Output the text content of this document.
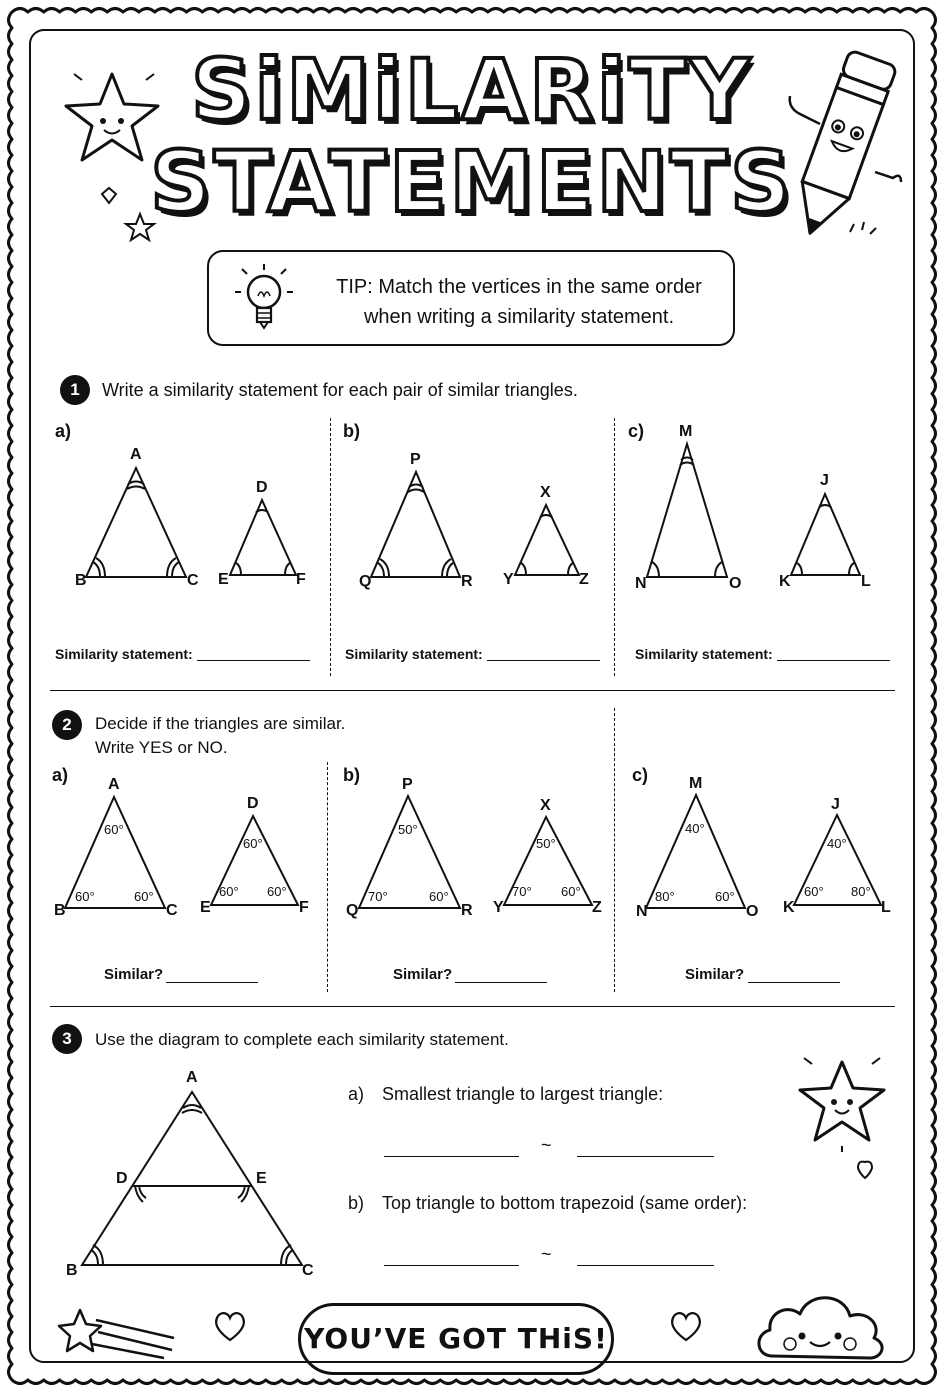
SiMiLARiTY
STATEMENTS
TIP: Match the vertices in the same order
when writing a similarity statement.
1	Write a similarity statement for each pair of similar triangles.
a)	b)	c)
A
B	C
D
E	F
P
Q	R
X
Y	Z
M
N	O
J
K	L
Similarity statement:	Similarity statement:	Similarity statement:
2	Decide if the triangles are similar.
Write YES or NO.
a)	b)	c)
A
B	C
60°
60°	60°
D
E	F
60°
60° 60°
P
Q	R
50°
70°	60°
X
Y	Z
50°
70° 60°
M
N	O
40°
80°	60°
J
K	L
40°
60° 80°
Similar?	Similar?	Similar?
3	Use the diagram to complete each similarity statement.
A
D	E
B	C
a) Smallest triangle to largest triangle:
~
b) Top triangle to bottom trapezoid (same order):
~
YOU’VE GOT THiS!
